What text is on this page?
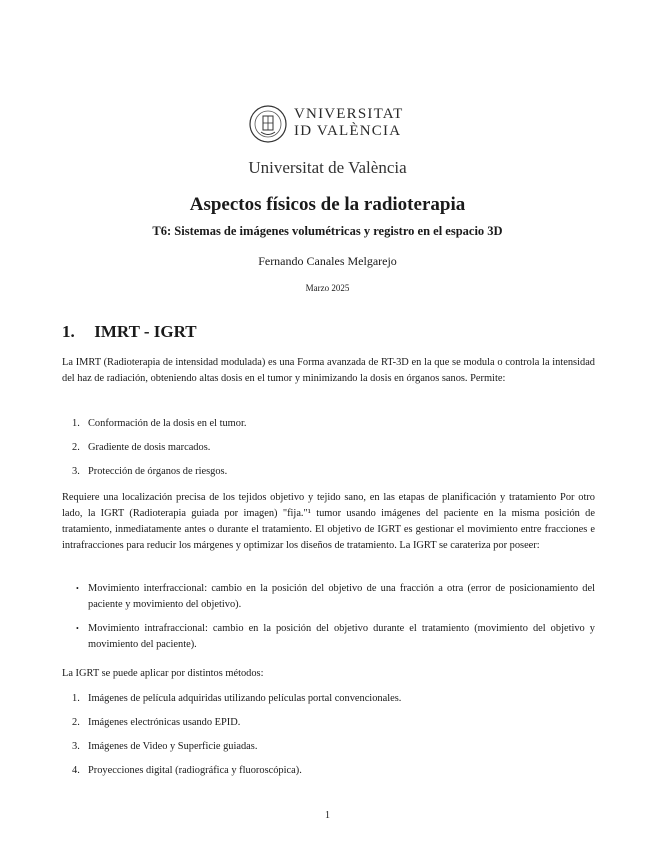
VNIVERSITAT
ID VALÈNCIA
Universitat de València
Aspectos físicos de la radioterapia
T6: Sistemas de imágenes volumétricas y registro en el espacio 3D
Fernando Canales Melgarejo
Marzo 2025
1. IMRT - IGRT
La IMRT (Radioterapia de intensidad modulada) es una Forma avanzada de RT-3D en la que se modula o controla la intensidad del haz de radiación, obteniendo altas dosis en el tumor y minimizando la dosis en órganos sanos. Permite:
1. Conformación de la dosis en el tumor.
2. Gradiente de dosis marcados.
3. Protección de órganos de riesgos.
Requiere una localización precisa de los tejidos objetivo y tejido sano, en las etapas de planificación y tratamiento Por otro lado, la IGRT (Radioterapia guiada por imagen) "fija."¹ tumor usando imágenes del paciente en la misma posición de tratamiento, inmediatamente antes o durante el tratamiento. El objetivo de IGRT es gestionar el movimiento entre fracciones e intrafracciones para reducir los márgenes y optimizar los diseños de tratamiento. La IGRT se carateriza por poseer:
• Movimiento interfraccional: cambio en la posición del objetivo de una fracción a otra (error de posicionamiento del paciente y movimiento del objetivo).
• Movimiento intrafraccional: cambio en la posición del objetivo durante el tratamiento (movimiento del objetivo y movimiento del paciente).
La IGRT se puede aplicar por distintos métodos:
1. Imágenes de película adquiridas utilizando películas portal convencionales.
2. Imágenes electrónicas usando EPID.
3. Imágenes de Video y Superficie guiadas.
4. Proyecciones digital (radiográfica y fluoroscópica).
1
